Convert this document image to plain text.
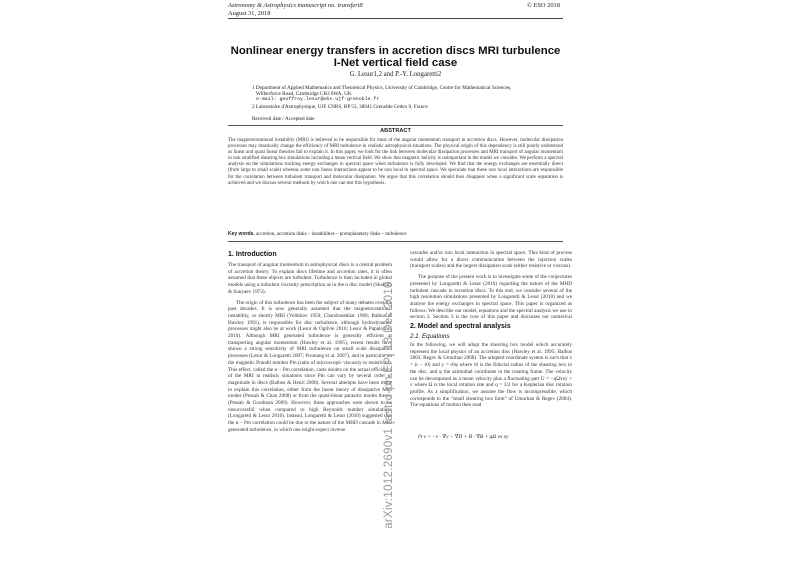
Astronomy & Astrophysics manuscript no. transfert8
August 31, 2018
© ESO 2018
Nonlinear energy transfers in accretion discs MRI turbulence
I-Net vertical field case
G. Lesur1,2 and P.-Y. Longaretti2
1 Department of Applied Mathematics and Theoretical Physics, University of Cambridge, Centre for Mathematical Sciences,
Wilberforce Road, Cambridge CB3 0WA, UK
e-mail: geoffroy.lesur@obs.ujf-grenoble.fr
2 Laboratoire d'Astrophysique, UJF CNRS, BP 53, 38041 Grenoble Cedex 9, France
Received date / Accepted date
ABSTRACT
The magnetorotational instability (MRI) is believed to be responsible for most of the angular momentum transport in accretion discs. However, molecular dissipation processes may drastically change the efficiency of MRI turbulence in realistic astrophysical situations. The physical origin of this dependency is still poorly understood as linear and quasi linear theories fail to explain it. In this paper, we look for the link between molecular dissipation processes and MRI transport of angular momentum in non stratified shearing box simulations including a mean vertical field. We show that magnetic helicity is unimportant in the model we consider. We perform a spectral analysis on the simulations tracking energy exchanges in spectral space when turbulence is fully developed. We find that the energy exchanges are essentially direct (from large to small scale) whereas some non linear interactions appear to be non local in spectral space. We speculate that these non local interactions are responsible for the correlation between turbulent transport and molecular dissipation. We argue that this correlation should then disappear when a significant scale separation is achieved and we discuss several methods by which one can test this hypothesis.
Key words. accretion, accretion disks – instabilities – protoplanetary disks – turbulence
1. Introduction

The transport of angular momentum in astrophysical discs is a central problem of accretion theory. To explain discs lifetime and accretion rates, it is often assumed that these objects are turbulent. Turbulence is then included in global models using a turbulent viscosity prescription as in the α disc model (Shakura & Sunyaev 1973).

The origin of this turbulence has been the subject of many debates over the past decades. It is now generally assumed that the magnetorotational instability, or shortly MRI (Velikhov 1959; Chandrasekhar 1960; Balbus & Hawley 1991), is responsible for disc turbulence, although hydrodynamic processes might also be at work (Lesur & Ogilvie 2010; Lesur & Papaloizou 2010). Although MRI generated turbulence is generally efficient at transporting angular momentum (Hawley et al. 1995), recent results have shown a strong sensitivity of MRI turbulence on small scale dissipation processes (Lesur & Longaretti 2007; Fromang et al. 2007), and in particular on the magnetic Prandtl number Pm (ratio of microscopic viscosity to resistivity). This effect, called the α – Pm correlation, casts doubts on the actual efficiency of the MRI in realistic situations since Pm can vary by several order of magnitude in discs (Balbus & Henri 2008). Several attempts have been made to explain this correlation, either from the linear theory of dissipative MRI modes (Pessah & Chan 2008) or from the quasi-linear parasitic modes theory (Pessah & Goodman 2009). However, these approaches were shown to be unsuccessful when compared to high Reynolds number simulations (Longaretti & Lesur 2010). Instead, Longaretti & Lesur (2010) suggested that the α – Pm correlation could be due to the nature of the MHD cascade in MRI generated turbulence, in which one might expect inverse

cascades and/or non local interaction in spectral space. This kind of process would allow for a direct communication between the injection scales (transport scales) and the largest dissipation scale (either resistive or viscous).

The purpose of the present work is to investigate some of the conjectures presented by Longaretti & Lesur (2010) regarding the nature of the MHD turbulent cascade in accretion discs. To this end, we consider several of the high resolution simulations presented by Longaretti & Lesur (2010) and we analyse the energy exchanges in spectral space. This paper is organized as follows. We describe our model, equations and the spectral analysis we use in section 2. Section 3 is the core of this paper and discusses our numerical

2. Model and spectral analysis
2.1. Equations

In the following, we will adopt the shearing box model which accurately represent the local physics of an accretion disc (Hawley et al. 1995; Balbus 2003; Regev & Umurhan 2008). The adopted coordinate system is such that x = (r − r0) and y = r0φ where r0 is the fiducial radius of the shearing box in the disc, and φ the azimuthal coordinate in the rotating frame. The velocity can be decomposed as a mean velocity plus a fluctuating part U = −qΩxey + v where Ω is the local rotation rate and q = 3/2 for a Keplerian disc rotation profile. As a simplification, we assume the flow is incompressible, which corresponds to the "small shearing box limit" of Umurhan & Regev (2004). The equations of motion then read

∂t v = −v · ∇v − ∇Π + B · ∇B + qΩ vx ey
arXiv:1012.2690v1 [astro-ph.EP] 13 Dec 2010
